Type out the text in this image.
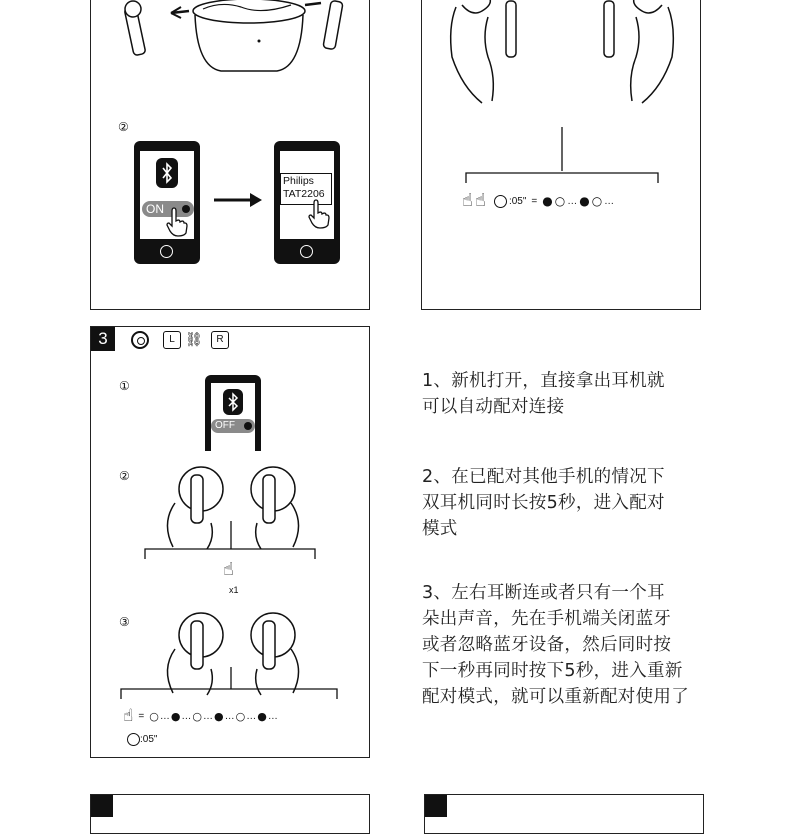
②
ON
Philips
TAT2206	☝ ☝ :05" = ● ○ … ● ○ …
3	L ⛓	R
①
OFF
②
☝
x1
③
☝ = ○ … ● … ○ … ● … ○ … ● …
:05"
1、新机打开，直接拿出耳机就
可以自动配对连接
2、在已配对其他手机的情况下
双耳机同时长按5秒，进入配对
模式
3、左右耳断连或者只有一个耳
朵出声音，先在手机端关闭蓝牙
或者忽略蓝牙设备，然后同时按
下一秒再同时按下5秒，进入重新
配对模式，就可以重新配对使用了
